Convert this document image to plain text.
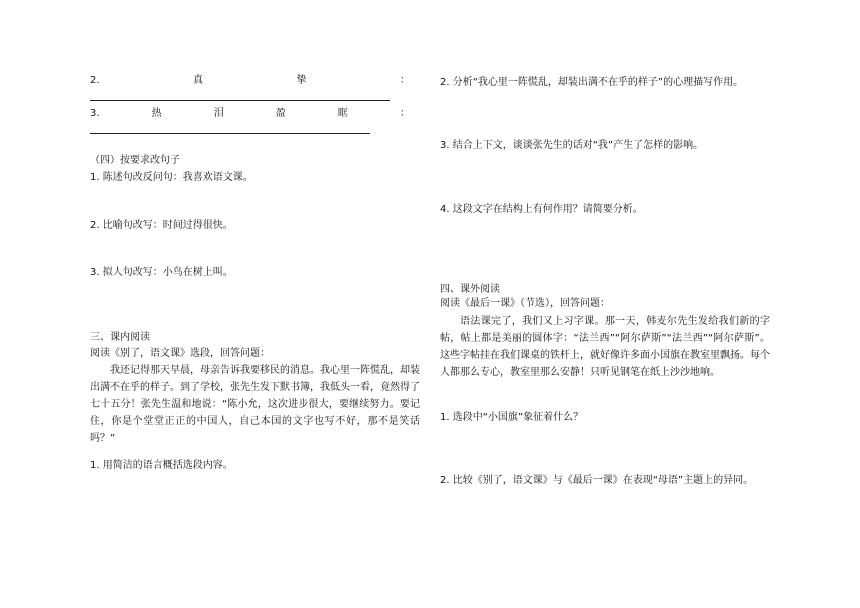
2.	真	挚	：
3.	热	泪	盈	眶	：
（四）按要求改句子
1. 陈述句改反问句：我喜欢语文课。
2. 比喻句改写：时间过得很快。
3. 拟人句改写：小鸟在树上叫。
三、课内阅读
阅读《别了，语文课》选段，回答问题：
我还记得那天早晨，母亲告诉我要移民的消息。我心里一阵慌乱，却装出满不在乎的样子。到了学校，张先生发下默书簿，我低头一看，竟然得了七十五分！张先生温和地说：“陈小允，这次进步很大，要继续努力。要记住，你是个堂堂正正的中国人，自己本国的文字也写不好，那不是笑话吗？”
1. 用简洁的语言概括选段内容。
2. 分析“我心里一阵慌乱，却装出满不在乎的样子”的心理描写作用。
3. 结合上下文，谈谈张先生的话对“我”产生了怎样的影响。
4. 这段文字在结构上有何作用？请简要分析。
四、课外阅读
阅读《最后一课》（节选），回答问题：
语法课完了，我们又上习字课。那一天，韩麦尔先生发给我们新的字帖，帖上都是美丽的圆体字：“法兰西”“阿尔萨斯”“法兰西”“阿尔萨斯”。这些字帖挂在我们课桌的铁杆上，就好像许多面小国旗在教室里飘扬。每个人都那么专心，教室里那么安静！只听见钢笔在纸上沙沙地响。
1. 选段中“小国旗”象征着什么？
2. 比较《别了，语文课》与《最后一课》在表现“母语”主题上的异同。
